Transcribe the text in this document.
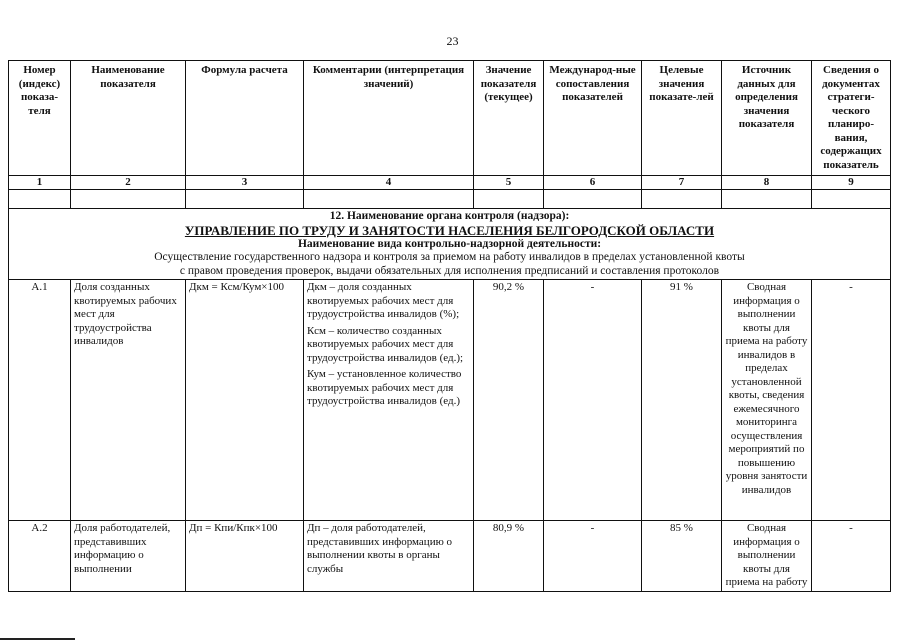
23
Номер (индекс) показа-теля	Наименование показателя	Формула расчета	Комментарии (интерпретация значений)	Значение показателя (текущее)	Международ-ные сопоставления показателей	Целевые значения показате-лей	Источник данных для определения значения показателя	Сведения о документах стратеги-ческого планиро-вания, содержащих показатель
1	2	3	4	5	6	7	8	9

12. Наименование органа контроля (надзора):
УПРАВЛЕНИЕ ПО ТРУДУ И ЗАНЯТОСТИ НАСЕЛЕНИЯ БЕЛГОРОДСКОЙ ОБЛАСТИ
Наименование вида контрольно-надзорной деятельности:
Осуществление государственного надзора и контроля за приемом на работу инвалидов в пределах установленной квоты
с правом проведения проверок, выдачи обязательных для исполнения предписаний и составления протоколов								

А.1	Доля созданных квотируемых рабочих мест для трудоустройства инвалидов	Дкм = Ксм/Кум×100	Дкм – доля созданных квотируемых рабочих мест для трудоустройства инвалидов (%);
Ксм – количество созданных квотируемых рабочих мест для трудоустройства инвалидов (ед.);
Кум – установленное количество квотируемых рабочих мест для трудоустройства инвалидов (ед.)	90,2 %	-	91 %	Сводная информация о выполнении квоты для приема на работу инвалидов в пределах установленной квоты, сведения ежемесячного мониторинга осуществления мероприятий по повышению уровня занятости инвалидов	-
А.2	Доля работодателей, представивших информацию о выполнении	Дп = Кпи/Кпк×100	Дп – доля работодателей, представивших информацию о выполнении квоты в органы службы	80,9 %	-	85 %	Сводная информация о выполнении квоты для приема на работу	-
